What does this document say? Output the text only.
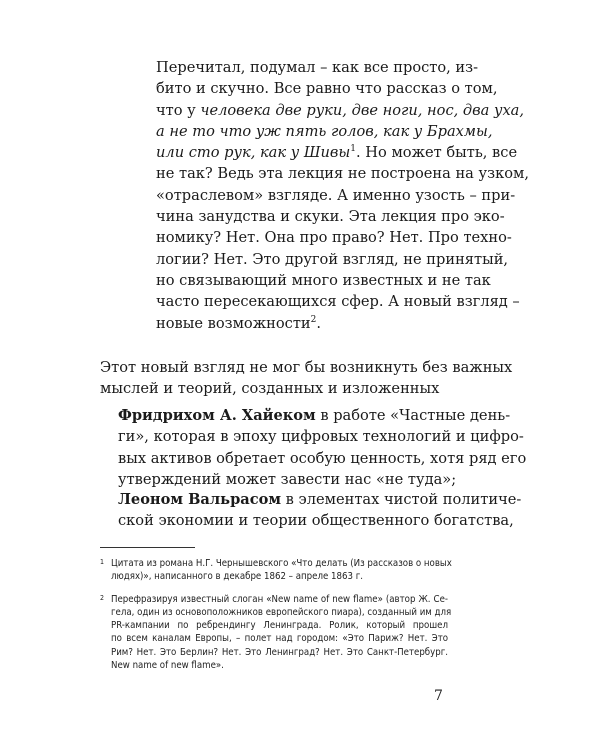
Перечитал, подумал – как все просто, из-
бито и скучно. Все равно что рассказ о том,
что у человека две руки, две ноги, нос, два уха,
а не то что уж пять голов, как у Брахмы,
или сто рук, как у Шивы$^1$. Но может быть, все
не так? Ведь эта лекция не построена на узком,
«отраслевом» взгляде. А именно узость – при-
чина занудства и скуки. Эта лекция про эко-
номику? Нет. Она про право? Нет. Про техно-
логии? Нет. Это другой взгляд, не принятый,
но связывающий много известных и не так
часто пересекающихся сфер. А новый взгляд –
новые возможности$^2$.

Этот новый взгляд не мог бы возникнуть без важных
мыслей и теорий, созданных и изложенных
Фридрихом А. Хайеком в работе «Частные день-
ги», которая в эпоху цифровых технологий и цифро-
вых активов обретает особую ценность, хотя ряд его
утверждений может завести нас «не туда»;
Леоном Вальрасом в элементах чистой политиче-
ской экономии и теории общественного богатства,
1 Цитата из романа Н.Г. Чернышевского «Что делать (Из рассказов о новых
людях)», написанного в декабре 1862 – апреле 1863 г.
2 Перефразируя известный слоган «New name of new flame» (автор Ж. Се-
гела, один из основоположников европейского пиара), созданный им для
PR-кампании по ребрендингу Ленинграда. Ролик, который прошел
по всем каналам Европы, – полет над городом: «Это Париж? Нет. Это
Рим? Нет. Это Берлин? Нет. Это Ленинград? Нет. Это Санкт-Петербург.
New name of new flame».
7
